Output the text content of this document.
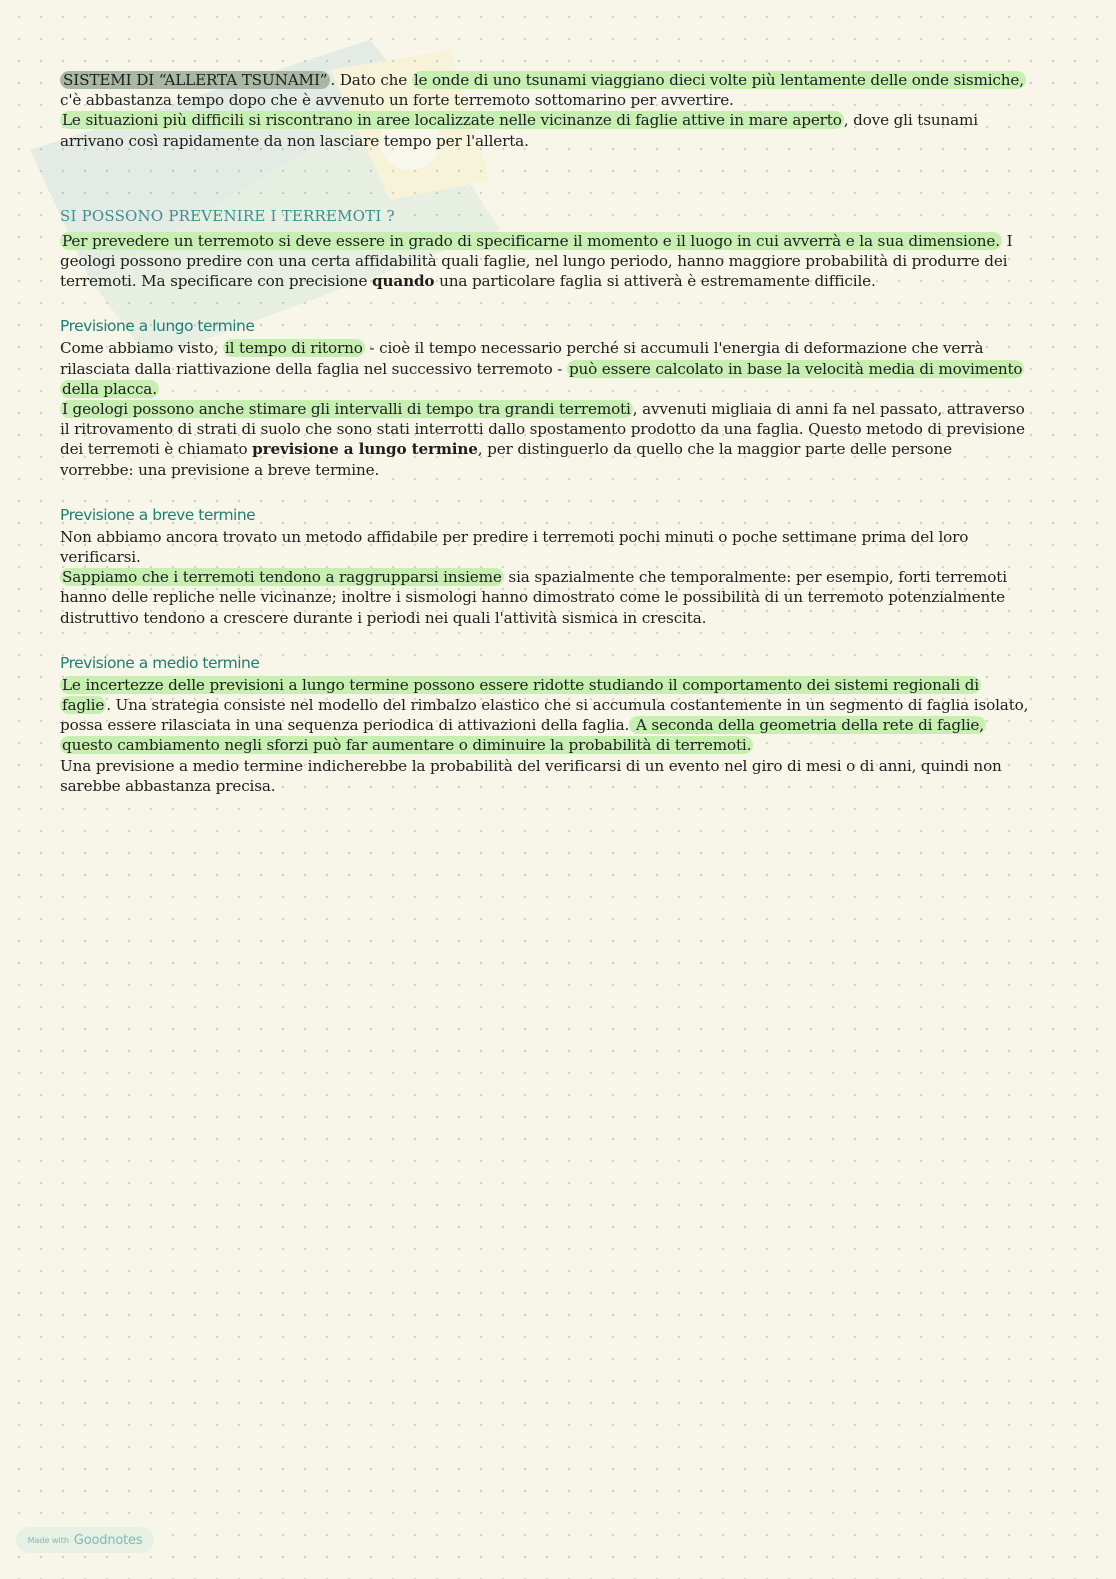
SISTEMI DI “ALLERTA TSUNAMI” . Dato che le onde di uno tsunami viaggiano dieci volte più lentamente delle onde sismiche, c'è abbastanza tempo dopo che è avvenuto un forte terremoto sottomarino per avvertire.

Le situazioni più difficili si riscontrano in aree localizzate nelle vicinanze di faglie attive in mare aperto , dove gli tsunami arrivano così rapidamente da non lasciare tempo per l'allerta.

SI POSSONO PREVENIRE I TERREMOTI ?

Per prevedere un terremoto si deve essere in grado di specificarne il momento e il luogo in cui avverrà e la sua dimensione. I geologi possono predire con una certa affidabilità quali faglie, nel lungo periodo, hanno maggiore probabilità di produrre dei terremoti. Ma specificare con precisione quando una particolare faglia si attiverà è estremamente difficile.

Previsione a lungo termine

Come abbiamo visto, il tempo di ritorno - cioè il tempo necessario perché si accumuli l'energia di deformazione che verrà rilasciata dalla riattivazione della faglia nel successivo terremoto - può essere calcolato in base la velocità media di movimento della placca.

I geologi possono anche stimare gli intervalli di tempo tra grandi terremoti , avvenuti migliaia di anni fa nel passato, attraverso il ritrovamento di strati di suolo che sono stati interrotti dallo spostamento prodotto da una faglia. Questo metodo di previsione dei terremoti è chiamato previsione a lungo termine, per distinguerlo da quello che la maggior parte delle persone vorrebbe: una previsione a breve termine.

Previsione a breve termine

Non abbiamo ancora trovato un metodo affidabile per predire i terremoti pochi minuti o poche settimane prima del loro verificarsi.

Sappiamo che i terremoti tendono a raggrupparsi insieme sia spazialmente che temporalmente: per esempio, forti terremoti hanno delle repliche nelle vicinanze; inoltre i sismologi hanno dimostrato come le possibilità di un terremoto potenzialmente distruttivo tendono a crescere durante i periodi nei quali l'attività sismica in crescita.

Previsione a medio termine

Le incertezze delle previsioni a lungo termine possono essere ridotte studiando il comportamento dei sistemi regionali di faglie . Una strategia consiste nel modello del rimbalzo elastico che si accumula costantemente in un segmento di faglia isolato, possa essere rilasciata in una sequenza periodica di attivazioni della faglia. A seconda della geometria della rete di faglie, questo cambiamento negli sforzi può far aumentare o diminuire la probabilità di terremoti.

Una previsione a medio termine indicherebbe la probabilità del verificarsi di un evento nel giro di mesi o di anni, quindi non sarebbe abbastanza precisa.

Made with Goodnotes
